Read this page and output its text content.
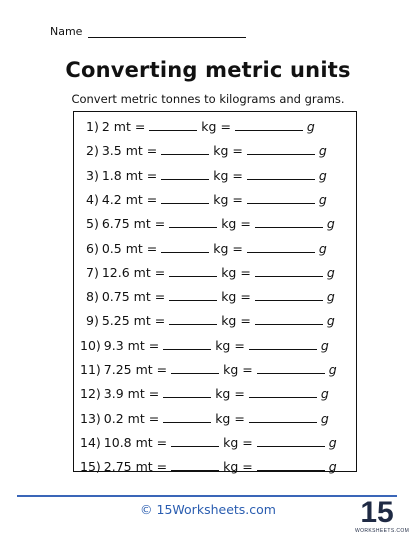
Name
Converting metric units
Convert metric tonnes to kilograms and grams.
1) 2 mt =	kg =	g
2) 3.5 mt =	kg =	g
3) 1.8 mt =	kg =	g
4) 4.2 mt =	kg =	g
5) 6.75 mt =	kg =	g
6) 0.5 mt =	kg =	g
7) 12.6 mt =	kg =	g
8) 0.75 mt =	kg =	g
9) 5.25 mt =	kg =	g
10) 9.3 mt =	kg =	g
11) 7.25 mt =	kg =	g
12) 3.9 mt =	kg =	g
13) 0.2 mt =	kg =	g
14) 10.8 mt =	kg =	g
15) 2.75 mt =	kg =	g
© 15Worksheets.com	15
WORKSHEETS.COM
